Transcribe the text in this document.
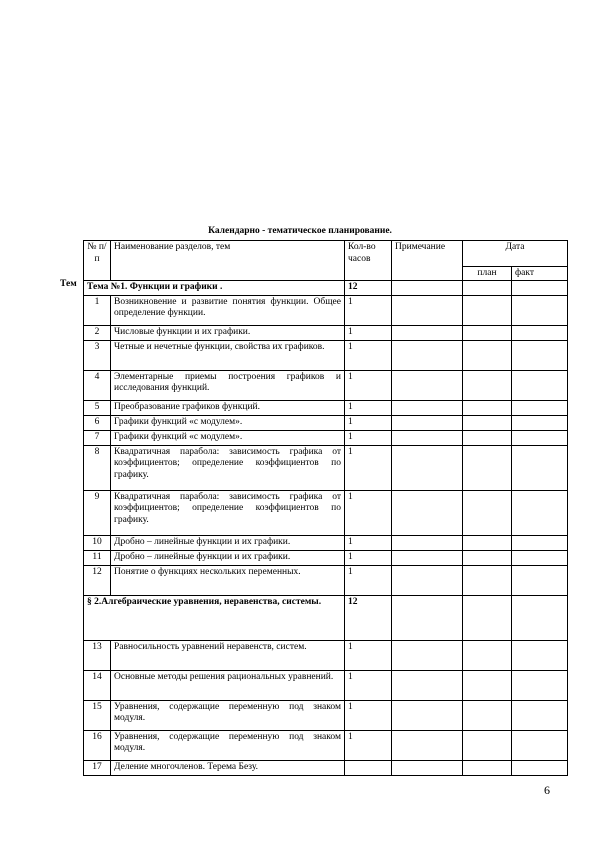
Календарно - тематическое планирование.
Тем
№ п/п	Наименование разделов, тем	Кол-во часов	Примечание	Дата	
				план	факт
Тема №1. Функции и графики .		12			
1	Возникновение и развитие понятия функции. Общее определение функции.	1			
2	Числовые функции и их графики.	1			
3	Четные и нечетные функции, свойства их графиков.	1			
4	Элементарные приемы построения графиков и исследования функций.	1			
5	Преобразование графиков функций.	1			
6	Графики функций «с модулем».	1			
7	Графики функций «с модулем».	1			
8	Квадратичная парабола: зависимость графика от коэффициентов; определение коэффициентов по графику.	1			
9	Квадратичная парабола: зависимость графика от коэффициентов; определение коэффициентов по графику.	1			
10	Дробно – линейные функции и их графики.	1			
11	Дробно – линейные функции и их графики.	1			
12	Понятие о функциях нескольких переменных.	1			
§ 2.Алгебраические уравнения, неравенства, системы.		12			
13	Равносильность уравнений неравенств, систем.	1			
14	Основные методы решения рациональных уравнений.	1			
15	Уравнения, содержащие переменную под знаком модуля.	1			
16	Уравнения, содержащие переменную под знаком модуля.	1			
17	Деление многочленов. Терема Безу.				
6
